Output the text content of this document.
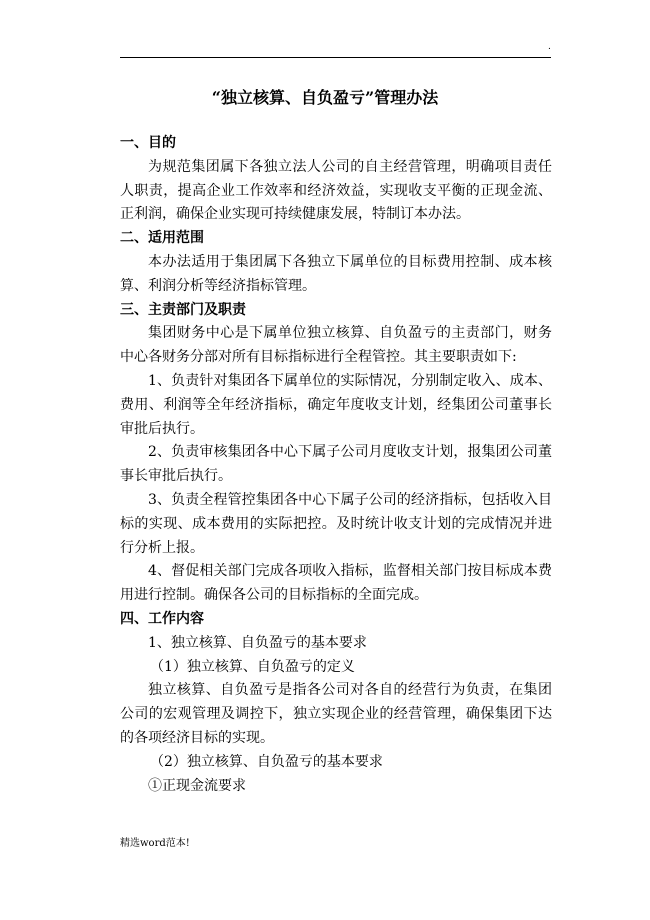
.
“独立核算、自负盈亏”管理办法

一、目的

为规范集团属下各独立法人公司的自主经营管理，明确项目责任人职责，提高企业工作效率和经济效益，实现收支平衡的正现金流、正利润，确保企业实现可持续健康发展，特制订本办法。

二、适用范围

本办法适用于集团属下各独立下属单位的目标费用控制、成本核算、利润分析等经济指标管理。

三、主责部门及职责

集团财务中心是下属单位独立核算、自负盈亏的主责部门，财务中心各财务分部对所有目标指标进行全程管控。其主要职责如下:

1、负责针对集团各下属单位的实际情况，分别制定收入、成本、费用、利润等全年经济指标，确定年度收支计划，经集团公司董事长审批后执行。

2、负责审核集团各中心下属子公司月度收支计划，报集团公司董事长审批后执行。

3、负责全程管控集团各中心下属子公司的经济指标，包括收入目标的实现、成本费用的实际把控。及时统计收支计划的完成情况并进行分析上报。

4、督促相关部门完成各项收入指标，监督相关部门按目标成本费用进行控制。确保各公司的目标指标的全面完成。

四、工作内容

1、独立核算、自负盈亏的基本要求

（1）独立核算、自负盈亏的定义

独立核算、自负盈亏是指各公司对各自的经营行为负责，在集团公司的宏观管理及调控下，独立实现企业的经营管理，确保集团下达的各项经济目标的实现。

（2）独立核算、自负盈亏的基本要求

①正现金流要求

精选word范本!
